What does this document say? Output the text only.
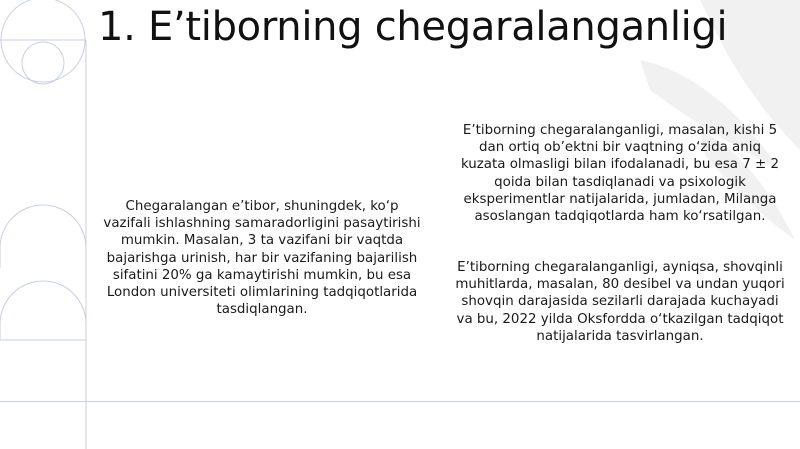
1. E’tiborning chegaralanganligi

Chegaralangan e’tibor, shuningdek, ko‘p vazifali ishlashning samaradorligini pasaytirishi mumkin. Masalan, 3 ta vazifani bir vaqtda bajarishga urinish, har bir vazifaning bajarilish sifatini 20% ga kamaytirishi mumkin, bu esa London universiteti olimlarining tadqiqotlarida tasdiqlangan.

E’tiborning chegaralanganligi, masalan, kishi 5 dan ortiq ob’ektni bir vaqtning o‘zida aniq kuzata olmasligi bilan ifodalanadi, bu esa 7 ± 2 qoida bilan tasdiqlanadi va psixologik eksperimentlar natijalarida, jumladan, Milanga asoslangan tadqiqotlarda ham ko‘rsatilgan.

E’tiborning chegaralanganligi, ayniqsa, shovqinli muhitlarda, masalan, 80 desibel va undan yuqori shovqin darajasida sezilarli darajada kuchayadi va bu, 2022 yilda Oksfordda o‘tkazilgan tadqiqot natijalarida tasvirlangan.
